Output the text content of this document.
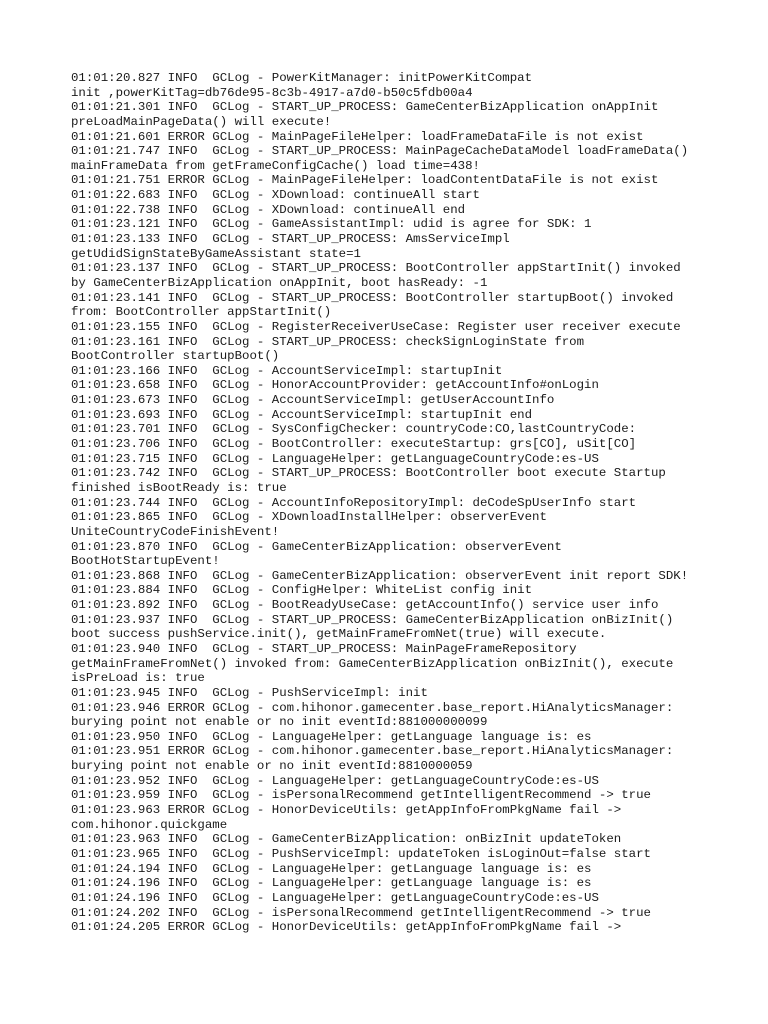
01:01:20.827 INFO  GCLog - PowerKitManager: initPowerKitCompat
init ,powerKitTag=db76de95-8c3b-4917-a7d0-b50c5fdb00a4
01:01:21.301 INFO  GCLog - START_UP_PROCESS: GameCenterBizApplication onAppInit
preLoadMainPageData() will execute!
01:01:21.601 ERROR GCLog - MainPageFileHelper: loadFrameDataFile is not exist
01:01:21.747 INFO  GCLog - START_UP_PROCESS: MainPageCacheDataModel loadFrameData()
mainFrameData from getFrameConfigCache() load time=438!
01:01:21.751 ERROR GCLog - MainPageFileHelper: loadContentDataFile is not exist
01:01:22.683 INFO  GCLog - XDownload: continueAll start
01:01:22.738 INFO  GCLog - XDownload: continueAll end
01:01:23.121 INFO  GCLog - GameAssistantImpl: udid is agree for SDK: 1
01:01:23.133 INFO  GCLog - START_UP_PROCESS: AmsServiceImpl
getUdidSignStateByGameAssistant state=1
01:01:23.137 INFO  GCLog - START_UP_PROCESS: BootController appStartInit() invoked
by GameCenterBizApplication onAppInit, boot hasReady: -1
01:01:23.141 INFO  GCLog - START_UP_PROCESS: BootController startupBoot() invoked
from: BootController appStartInit()
01:01:23.155 INFO  GCLog - RegisterReceiverUseCase: Register user receiver execute
01:01:23.161 INFO  GCLog - START_UP_PROCESS: checkSignLoginState from
BootController startupBoot()
01:01:23.166 INFO  GCLog - AccountServiceImpl: startupInit
01:01:23.658 INFO  GCLog - HonorAccountProvider: getAccountInfo#onLogin
01:01:23.673 INFO  GCLog - AccountServiceImpl: getUserAccountInfo
01:01:23.693 INFO  GCLog - AccountServiceImpl: startupInit end
01:01:23.701 INFO  GCLog - SysConfigChecker: countryCode:CO,lastCountryCode:
01:01:23.706 INFO  GCLog - BootController: executeStartup: grs[CO], uSit[CO]
01:01:23.715 INFO  GCLog - LanguageHelper: getLanguageCountryCode:es-US
01:01:23.742 INFO  GCLog - START_UP_PROCESS: BootController boot execute Startup
finished isBootReady is: true
01:01:23.744 INFO  GCLog - AccountInfoRepositoryImpl: deCodeSpUserInfo start
01:01:23.865 INFO  GCLog - XDownloadInstallHelper: observerEvent
UniteCountryCodeFinishEvent!
01:01:23.870 INFO  GCLog - GameCenterBizApplication: observerEvent
BootHotStartupEvent!
01:01:23.868 INFO  GCLog - GameCenterBizApplication: observerEvent init report SDK!
01:01:23.884 INFO  GCLog - ConfigHelper: WhiteList config init
01:01:23.892 INFO  GCLog - BootReadyUseCase: getAccountInfo() service user info
01:01:23.937 INFO  GCLog - START_UP_PROCESS: GameCenterBizApplication onBizInit()
boot success pushService.init(), getMainFrameFromNet(true) will execute.
01:01:23.940 INFO  GCLog - START_UP_PROCESS: MainPageFrameRepository
getMainFrameFromNet() invoked from: GameCenterBizApplication onBizInit(), execute
isPreLoad is: true
01:01:23.945 INFO  GCLog - PushServiceImpl: init
01:01:23.946 ERROR GCLog - com.hihonor.gamecenter.base_report.HiAnalyticsManager:
burying point not enable or no init eventId:881000000099
01:01:23.950 INFO  GCLog - LanguageHelper: getLanguage language is: es
01:01:23.951 ERROR GCLog - com.hihonor.gamecenter.base_report.HiAnalyticsManager:
burying point not enable or no init eventId:8810000059
01:01:23.952 INFO  GCLog - LanguageHelper: getLanguageCountryCode:es-US
01:01:23.959 INFO  GCLog - isPersonalRecommend getIntelligentRecommend -> true
01:01:23.963 ERROR GCLog - HonorDeviceUtils: getAppInfoFromPkgName fail ->
com.hihonor.quickgame
01:01:23.963 INFO  GCLog - GameCenterBizApplication: onBizInit updateToken
01:01:23.965 INFO  GCLog - PushServiceImpl: updateToken isLoginOut=false start
01:01:24.194 INFO  GCLog - LanguageHelper: getLanguage language is: es
01:01:24.196 INFO  GCLog - LanguageHelper: getLanguage language is: es
01:01:24.196 INFO  GCLog - LanguageHelper: getLanguageCountryCode:es-US
01:01:24.202 INFO  GCLog - isPersonalRecommend getIntelligentRecommend -> true
01:01:24.205 ERROR GCLog - HonorDeviceUtils: getAppInfoFromPkgName fail ->
